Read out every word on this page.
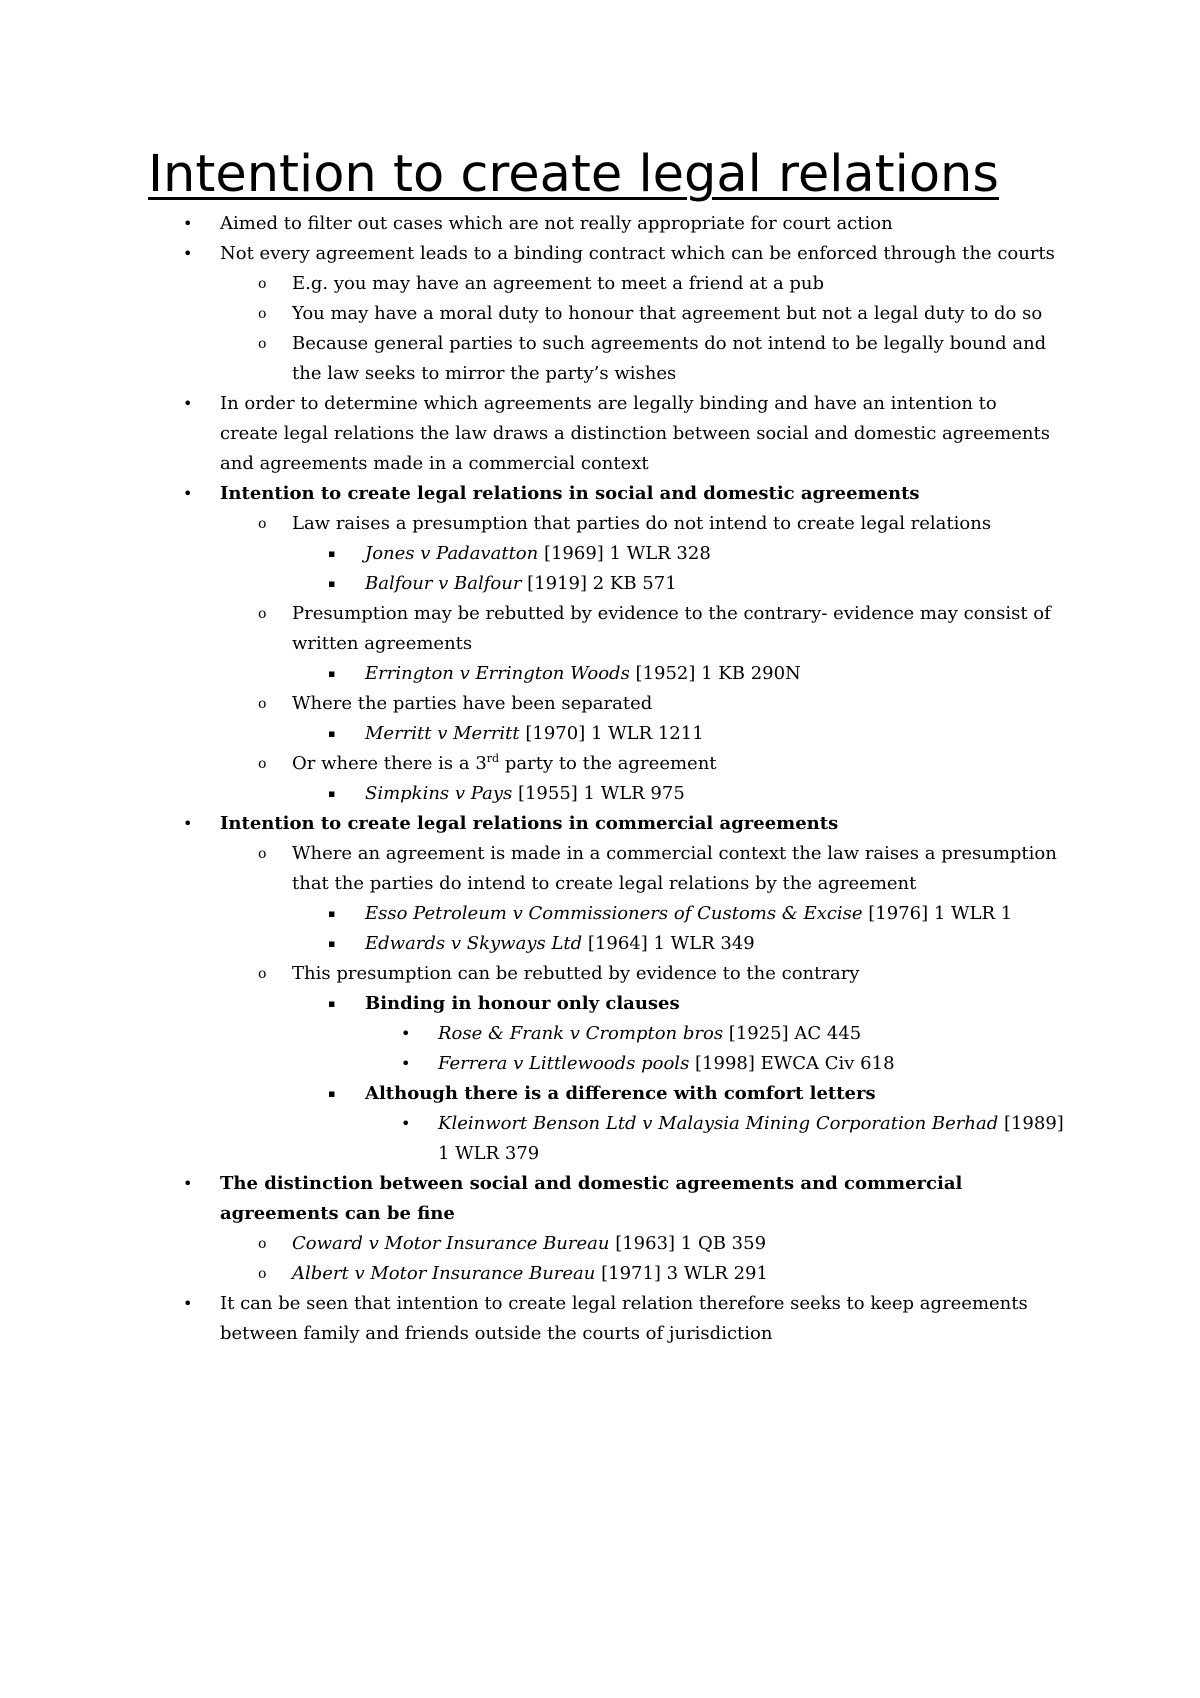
Intention to create legal relations
• Aimed to filter out cases which are not really appropriate for court action
• Not every agreement leads to a binding contract which can be enforced through the courts
o E.g. you may have an agreement to meet a friend at a pub
o You may have a moral duty to honour that agreement but not a legal duty to do so
o Because general parties to such agreements do not intend to be legally bound and the law seeks to mirror the party’s wishes
• In order to determine which agreements are legally binding and have an intention to create legal relations the law draws a distinction between social and domestic agreements and agreements made in a commercial context
• Intention to create legal relations in social and domestic agreements
o Law raises a presumption that parties do not intend to create legal relations
▪ Jones v Padavatton [1969] 1 WLR 328
▪ Balfour v Balfour [1919] 2 KB 571
o Presumption may be rebutted by evidence to the contrary- evidence may consist of written agreements
▪ Errington v Errington Woods [1952] 1 KB 290N
o Where the parties have been separated
▪ Merritt v Merritt [1970] 1 WLR 1211
o Or where there is a 3rd party to the agreement
▪ Simpkins v Pays [1955] 1 WLR 975
• Intention to create legal relations in commercial agreements
o Where an agreement is made in a commercial context the law raises a presumption that the parties do intend to create legal relations by the agreement
▪ Esso Petroleum v Commissioners of Customs & Excise [1976] 1 WLR 1
▪ Edwards v Skyways Ltd [1964] 1 WLR 349
o This presumption can be rebutted by evidence to the contrary
▪ Binding in honour only clauses
• Rose & Frank v Crompton bros [1925] AC 445
• Ferrera v Littlewoods pools [1998] EWCA Civ 618
▪ Although there is a difference with comfort letters
• Kleinwort Benson Ltd v Malaysia Mining Corporation Berhad [1989] 1 WLR 379
• The distinction between social and domestic agreements and commercial agreements can be fine
o Coward v Motor Insurance Bureau [1963] 1 QB 359
o Albert v Motor Insurance Bureau [1971] 3 WLR 291
• It can be seen that intention to create legal relation therefore seeks to keep agreements between family and friends outside the courts of jurisdiction
